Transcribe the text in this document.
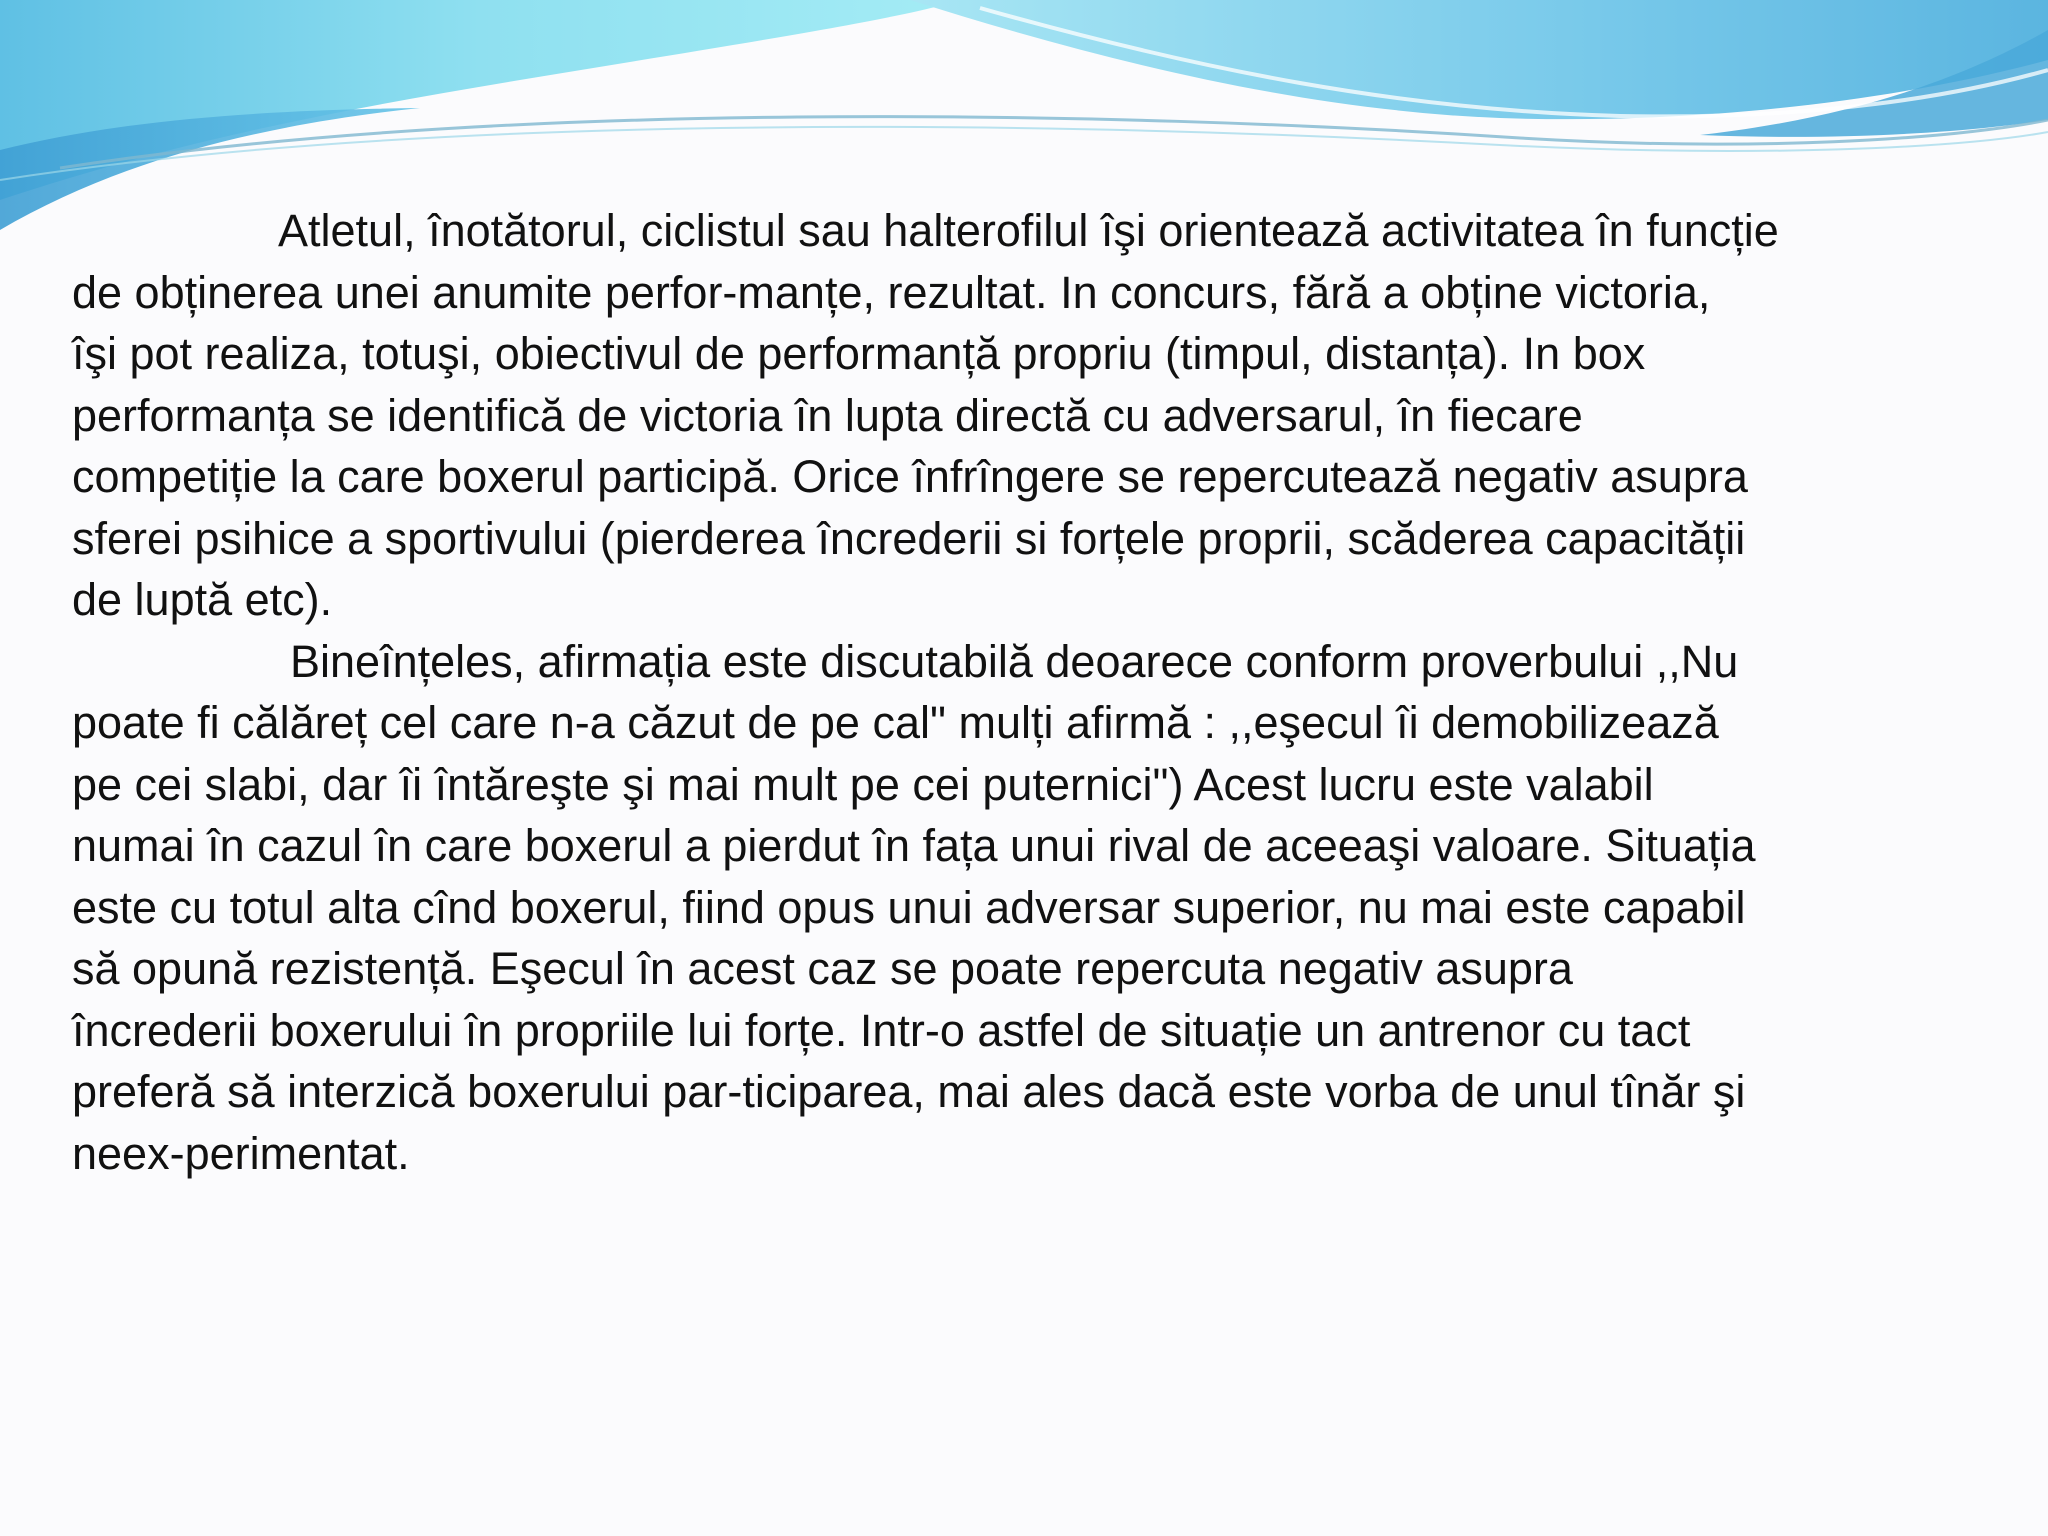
Atletul, înotătorul, ciclistul sau halterofilul îşi orientează activitatea în funcție
de obținerea unei anumite perfor-manțe, rezultat. In concurs, fără a obține victoria,
îşi pot realiza, totuşi, obiectivul de performanță propriu (timpul, distanța). In box
performanța se identifică de victoria în lupta directă cu adversarul, în fiecare
competiție la care boxerul participă. Orice înfrîngere se repercutează negativ asupra
sferei psihice a sportivului (pierderea încrederii si forțele proprii, scăderea capacității
de luptă etc).
Bineînțeles, afirmația este discutabilă deoarece conform proverbului ,,Nu
poate fi călăreț cel care n-a căzut de pe cal" mulți afirmă : ,,eşecul îi demobilizează
pe cei slabi, dar îi întăreşte şi mai mult pe cei puternici") Acest lucru este valabil
numai în cazul în care boxerul a pierdut în fața unui rival de aceeaşi valoare. Situația
este cu totul alta cînd boxerul, fiind opus unui adversar superior, nu mai este capabil
să opună rezistență. Eşecul în acest caz se poate repercuta negativ asupra
încrederii boxerului în propriile lui forțe. Intr-o astfel de situație un antrenor cu tact
preferă să interzică boxerului par-ticiparea, mai ales dacă este vorba de unul tînăr şi
neex-perimentat.
